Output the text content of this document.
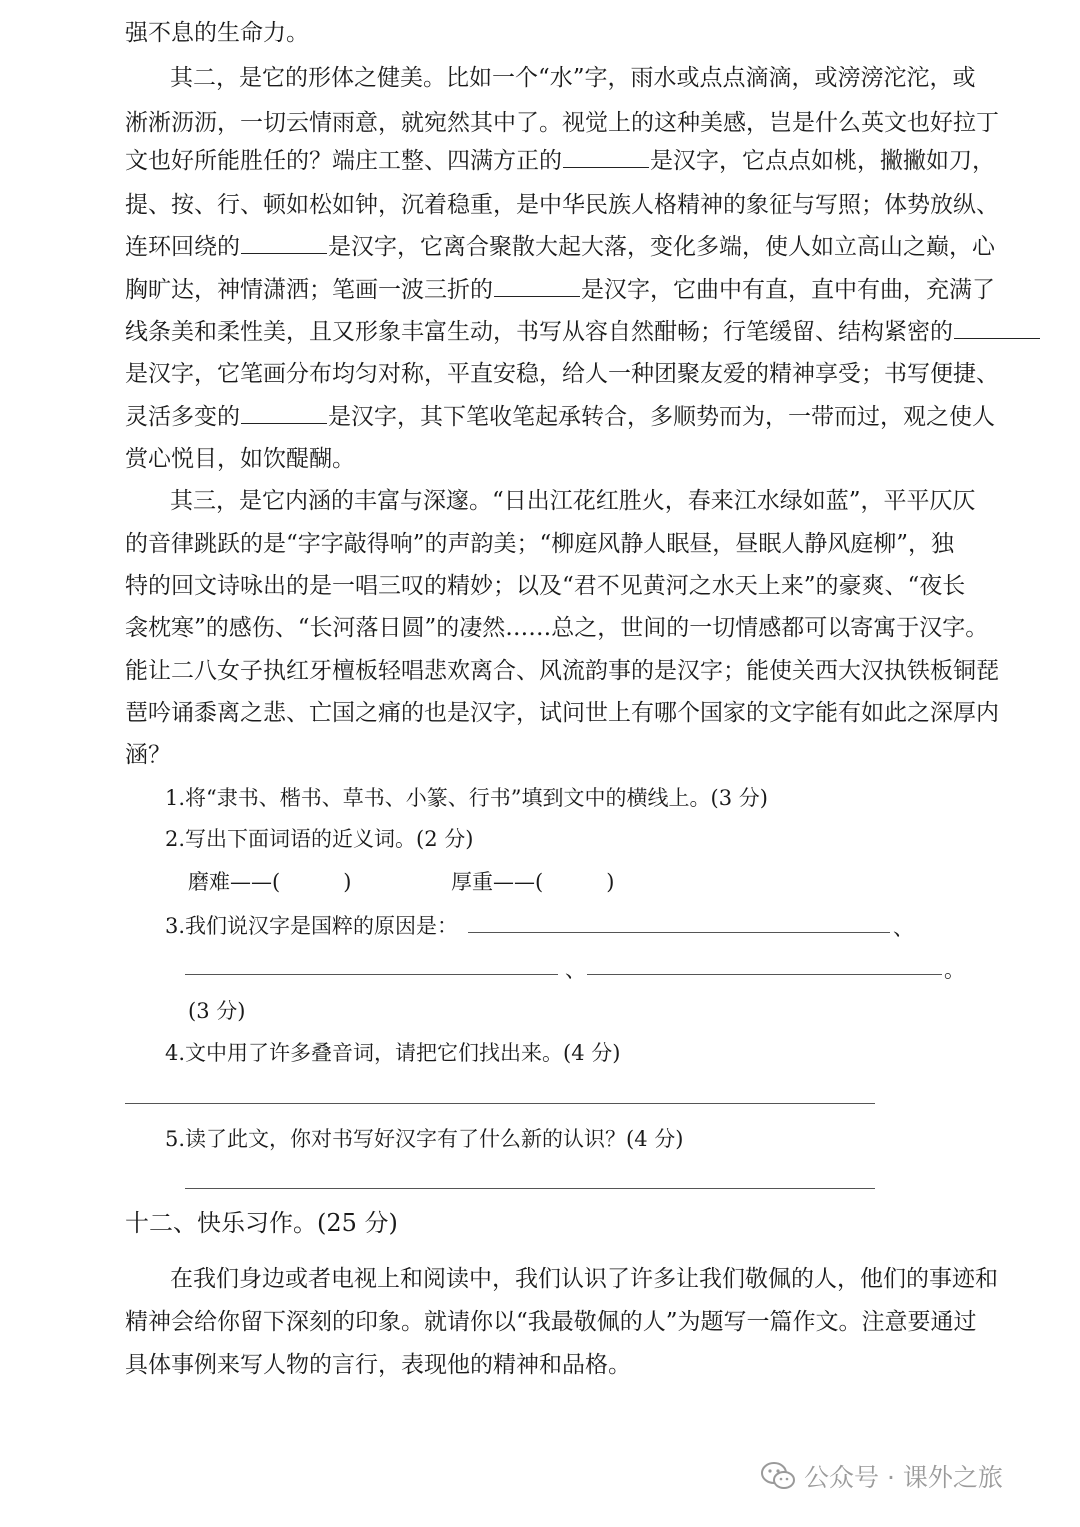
强不息的生命力。
其二，是它的形体之健美。比如一个“水”字，雨水或点点滴滴，或滂滂沱沱，或
淅淅沥沥，一切云情雨意，就宛然其中了。视觉上的这种美感，岂是什么英文也好拉丁
文也好所能胜任的？端庄工整、四满方正的	是汉字，它点点如桃，撇撇如刀，
提、按、行、顿如松如钟，沉着稳重，是中华民族人格精神的象征与写照；体势放纵、
连环回绕的	是汉字，它离合聚散大起大落，变化多端，使人如立高山之巅，心
胸旷达，神情潇洒；笔画一波三折的	是汉字，它曲中有直，直中有曲，充满了
线条美和柔性美，且又形象丰富生动，书写从容自然酣畅；行笔缓留、结构紧密的
是汉字，它笔画分布均匀对称，平直安稳，给人一种团聚友爱的精神享受；书写便捷、
灵活多变的	是汉字，其下笔收笔起承转合，多顺势而为，一带而过，观之使人
赏心悦目，如饮醍醐。
其三，是它内涵的丰富与深邃。“日出江花红胜火，春来江水绿如蓝”，平平仄仄
的音律跳跃的是“字字敲得响”的声韵美；“柳庭风静人眠昼，昼眠人静风庭柳”，独
特的回文诗咏出的是一唱三叹的精妙；以及“君不见黄河之水天上来”的豪爽、“夜长
衾枕寒”的感伤、“长河落日圆”的凄然……总之，世间的一切情感都可以寄寓于汉字。
能让二八女子执红牙檀板轻唱悲欢离合、风流韵事的是汉字；能使关西大汉执铁板铜琵
琶吟诵黍离之悲、亡国之痛的也是汉字，试问世上有哪个国家的文字能有如此之深厚内
涵？
1.将“隶书、楷书、草书、小篆、行书”填到文中的横线上。(3 分)
2.写出下面词语的近义词。(2 分)
磨难——(　　　)	厚重——(　　　)
3.我们说汉字是国粹的原因是：	、
、	。
(3 分)
4.文中用了许多叠音词，请把它们找出来。(4 分)
5.读了此文，你对书写好汉字有了什么新的认识？(4 分)
十二、快乐习作。(25 分)
在我们身边或者电视上和阅读中，我们认识了许多让我们敬佩的人，他们的事迹和
精神会给你留下深刻的印象。就请你以“我最敬佩的人”为题写一篇作文。注意要通过
具体事例来写人物的言行，表现他的精神和品格。
公众号 · 课外之旅
